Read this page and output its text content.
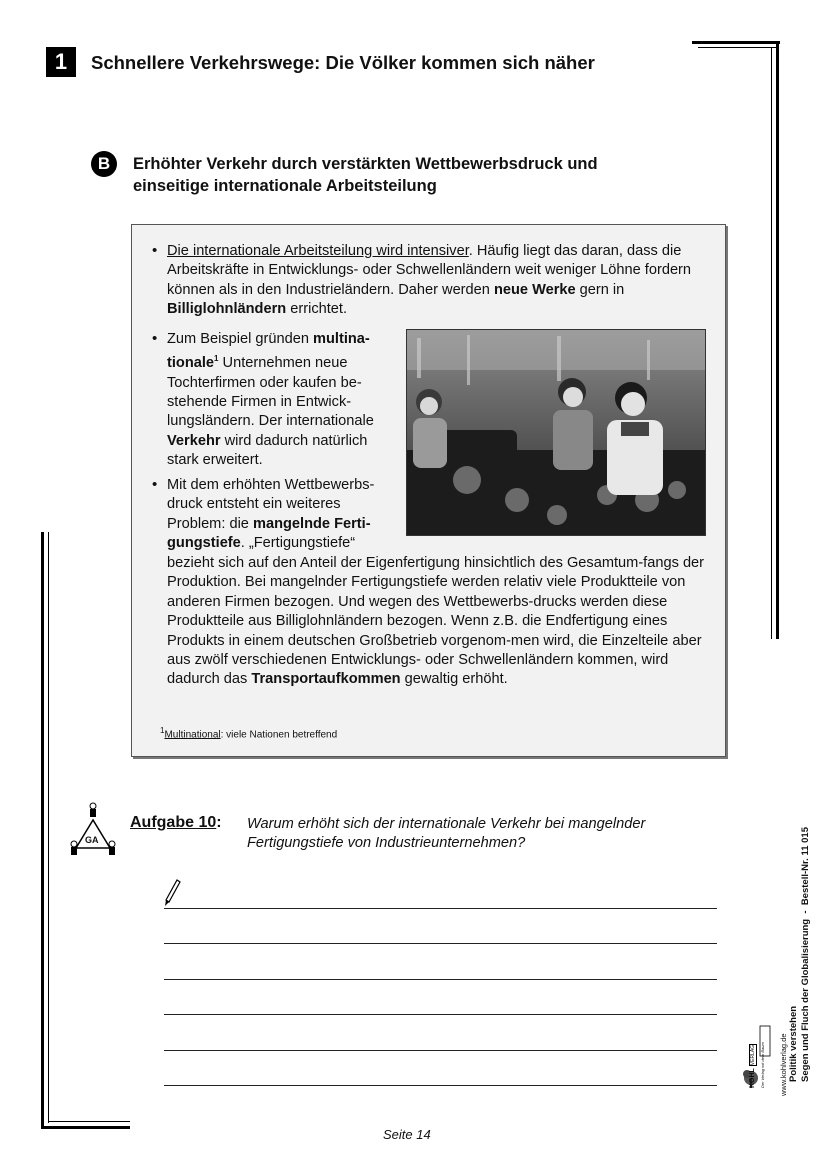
1	Schnellere Verkehrswege: Die Völker kommen sich näher
B	Erhöhter Verkehr durch verstärkten Wettbewerbsdruck und
einseitige internationale Arbeitsteilung
• Die internationale Arbeitsteilung wird intensiver. Häufig liegt das daran, dass die Arbeitskräfte in Entwicklungs- oder Schwellenländern weit weniger Löhne fordern können als in den Industrieländern. Daher werden neue Werke gern in Billiglohnländern errichtet.
• Zum Beispiel gründen multina-tionale$^1$ Unternehmen neue Tochterfirmen oder kaufen be-stehende Firmen in Entwick-lungsländern. Der internationale Verkehr wird dadurch natürlich stark erweitert.
• Mit dem erhöhten Wettbewerbs-druck entsteht ein weiteres Problem: die mangelnde Ferti-gungstiefe. „Fertigungstiefe“
bezieht sich auf den Anteil der Eigenfertigung hinsichtlich des Gesamtum-fangs der Produktion. Bei mangelnder Fertigungstiefe werden relativ viele Produktteile von anderen Firmen bezogen. Und wegen des Wettbewerbs-drucks werden diese Produktteile aus Billiglohnländern bezogen. Wenn z.B. die Endfertigung eines Produkts in einem deutschen Großbetrieb vorgenom-men wird, die Einzelteile aber aus zwölf verschiedenen Entwicklungs- oder Schwellenländern kommen, wird dadurch das Transportaufkommen gewaltig erhöht.
$^1$Multinational: viele Nationen betreffend
GA
Aufgabe 10: Warum erhöht sich der internationale Verkehr bei mangelnder
Fertigungstiefe von Industrieunternehmen?
Seite 14
KOHL VERLAG	Der Verlag mit dem Baum www.kohlverlag.de Politik verstehen Segen und Fluch der Globalisierung  -  Bestell-Nr. 11 015
